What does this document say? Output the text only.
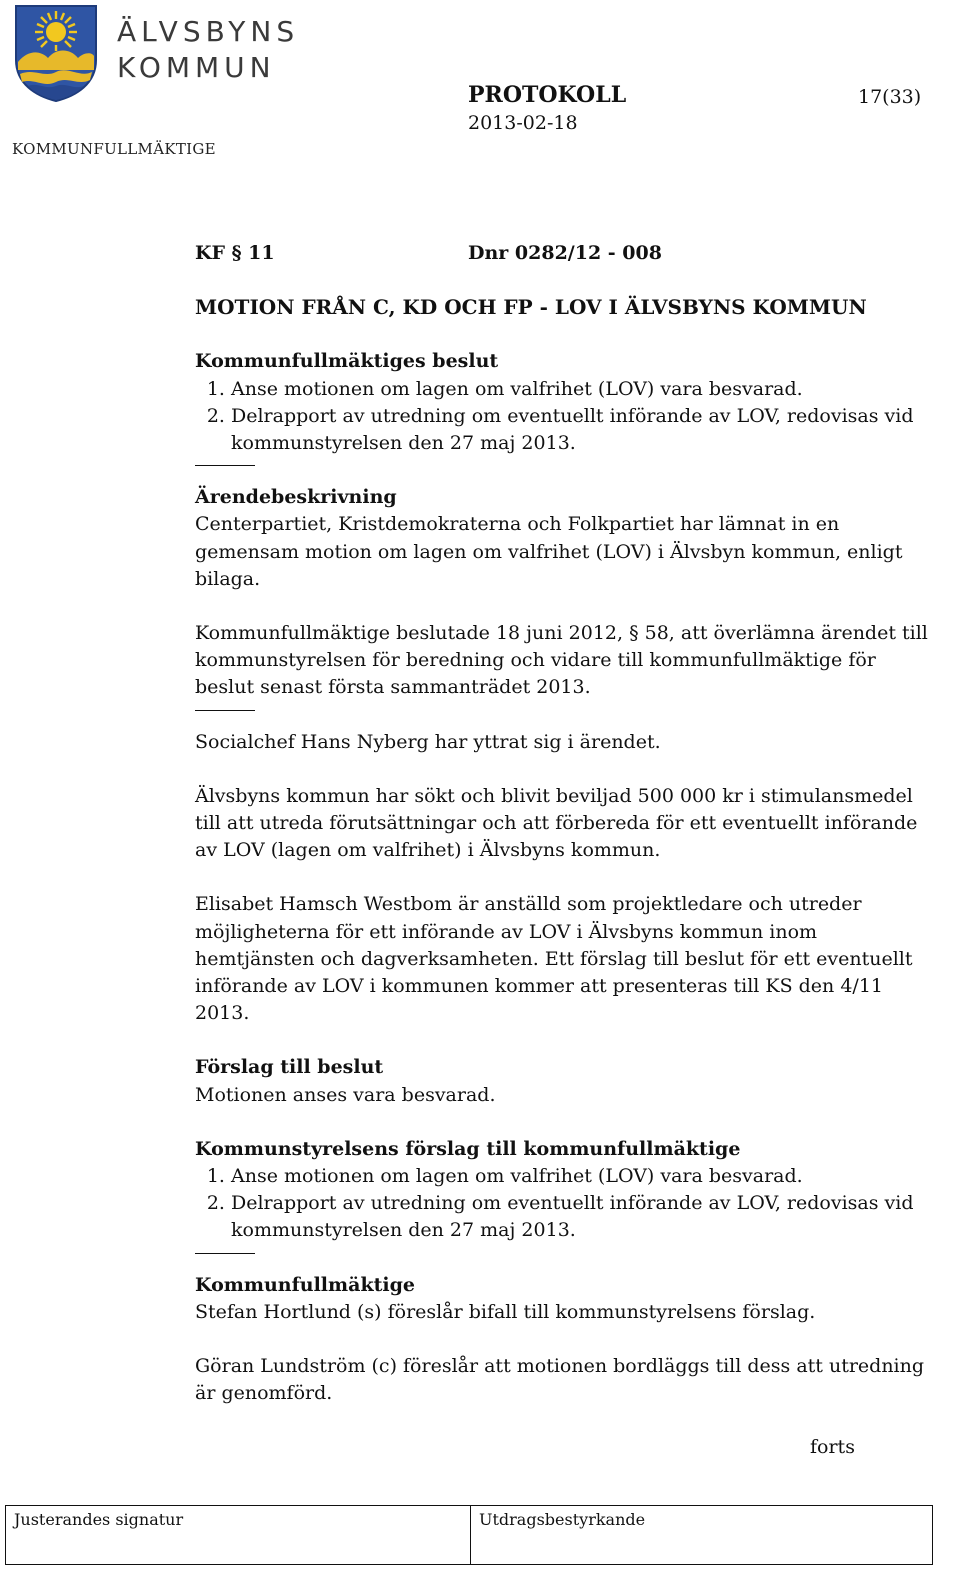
ÄLVSBYNS
KOMMUN
KOMMUNFULLMÄKTIGE
PROTOKOLL
2013-02-18
17(33)
KF § 11	Dnr 0282/12 - 008
MOTION FRÅN C, KD OCH FP - LOV I ÄLVSBYNS KOMMUN
Kommunfullmäktiges beslut
1. Anse motionen om lagen om valfrihet (LOV) vara besvarad.
2. Delrapport av utredning om eventuellt införande av LOV, redovisas vid kommunstyrelsen den 27 maj 2013.
Ärendebeskrivning

Centerpartiet, Kristdemokraterna och Folkpartiet har lämnat in en gemensam motion om lagen om valfrihet (LOV) i Älvsbyn kommun, enligt bilaga.

Kommunfullmäktige beslutade 18 juni 2012, § 58, att överlämna ärendet till kommunstyrelsen för beredning och vidare till kommunfullmäktige för beslut senast första sammanträdet 2013.

Socialchef Hans Nyberg har yttrat sig i ärendet.

Älvsbyns kommun har sökt och blivit beviljad 500 000 kr i stimulansmedel till att utreda förutsättningar och att förbereda för ett eventuellt införande av LOV (lagen om valfrihet) i Älvsbyns kommun.

Elisabet Hamsch Westbom är anställd som projektledare och utreder möjligheterna för ett införande av LOV i Älvsbyns kommun inom hemtjänsten och dagverksamheten. Ett förslag till beslut för ett eventuellt införande av LOV i kommunen kommer att presenteras till KS den 4/11 2013.

Förslag till beslut

Motionen anses vara besvarad.

Kommunstyrelsens förslag till kommunfullmäktige
1. Anse motionen om lagen om valfrihet (LOV) vara besvarad.
2. Delrapport av utredning om eventuellt införande av LOV, redovisas vid kommunstyrelsen den 27 maj 2013.
Kommunfullmäktige

Stefan Hortlund (s) föreslår bifall till kommunstyrelsens förslag.

Göran Lundström (c) föreslår att motionen bordläggs till dess att utredning är genomförd.

forts
Justerandes signatur	Utdragsbestyrkande
